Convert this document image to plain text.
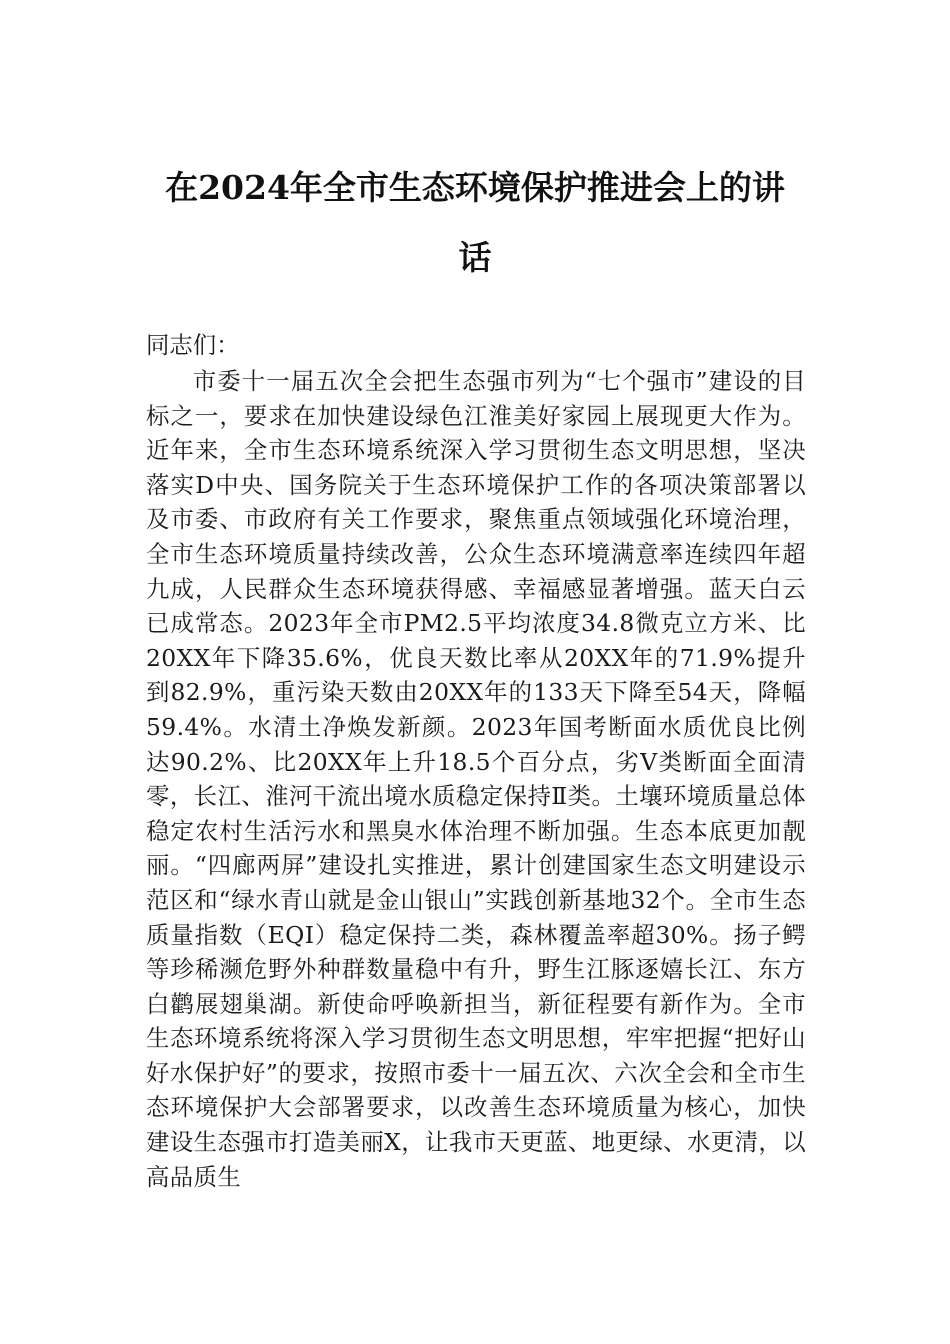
在2024年全市生态环境保护推进会上的讲
话

同志们：

市委十一届五次全会把生态强市列为“七个强市”建设的目标之一，要求在加快建设绿色江淮美好家园上展现更大作为。近年来，全市生态环境系统深入学习贯彻生态文明思想，坚决落实D中央、国务院关于生态环境保护工作的各项决策部署以及市委、市政府有关工作要求，聚焦重点领域强化环境治理，全市生态环境质量持续改善，公众生态环境满意率连续四年超九成，人民群众生态环境获得感、幸福感显著增强。蓝天白云已成常态。2023年全市PM2.5平均浓度34.8微克立方米、比20XX年下降35.6%，优良天数比率从20XX年的71.9%提升到82.9%，重污染天数由20XX年的133天下降至54天，降幅59.4%。水清土净焕发新颜。2023年国考断面水质优良比例达90.2%、比20XX年上升18.5个百分点，劣Ⅴ类断面全面清零，长江、淮河干流出境水质稳定保持Ⅱ类。土壤环境质量总体稳定农村生活污水和黑臭水体治理不断加强。生态本底更加靓丽。“四廊两屏”建设扎实推进，累计创建国家生态文明建设示范区和“绿水青山就是金山银山”实践创新基地32个。全市生态质量指数（EQI）稳定保持二类，森林覆盖率超30%。扬子鳄等珍稀濒危野外种群数量稳中有升，野生江豚逐嬉长江、东方白鹳展翅巢湖。新使命呼唤新担当，新征程要有新作为。全市生态环境系统将深入学习贯彻生态文明思想，牢牢把握“把好山好水保护好”的要求，按照市委十一届五次、六次全会和全市生态环境保护大会部署要求，以改善生态环境质量为核心，加快建设生态强市打造美丽X，让我市天更蓝、地更绿、水更清，以高品质生
